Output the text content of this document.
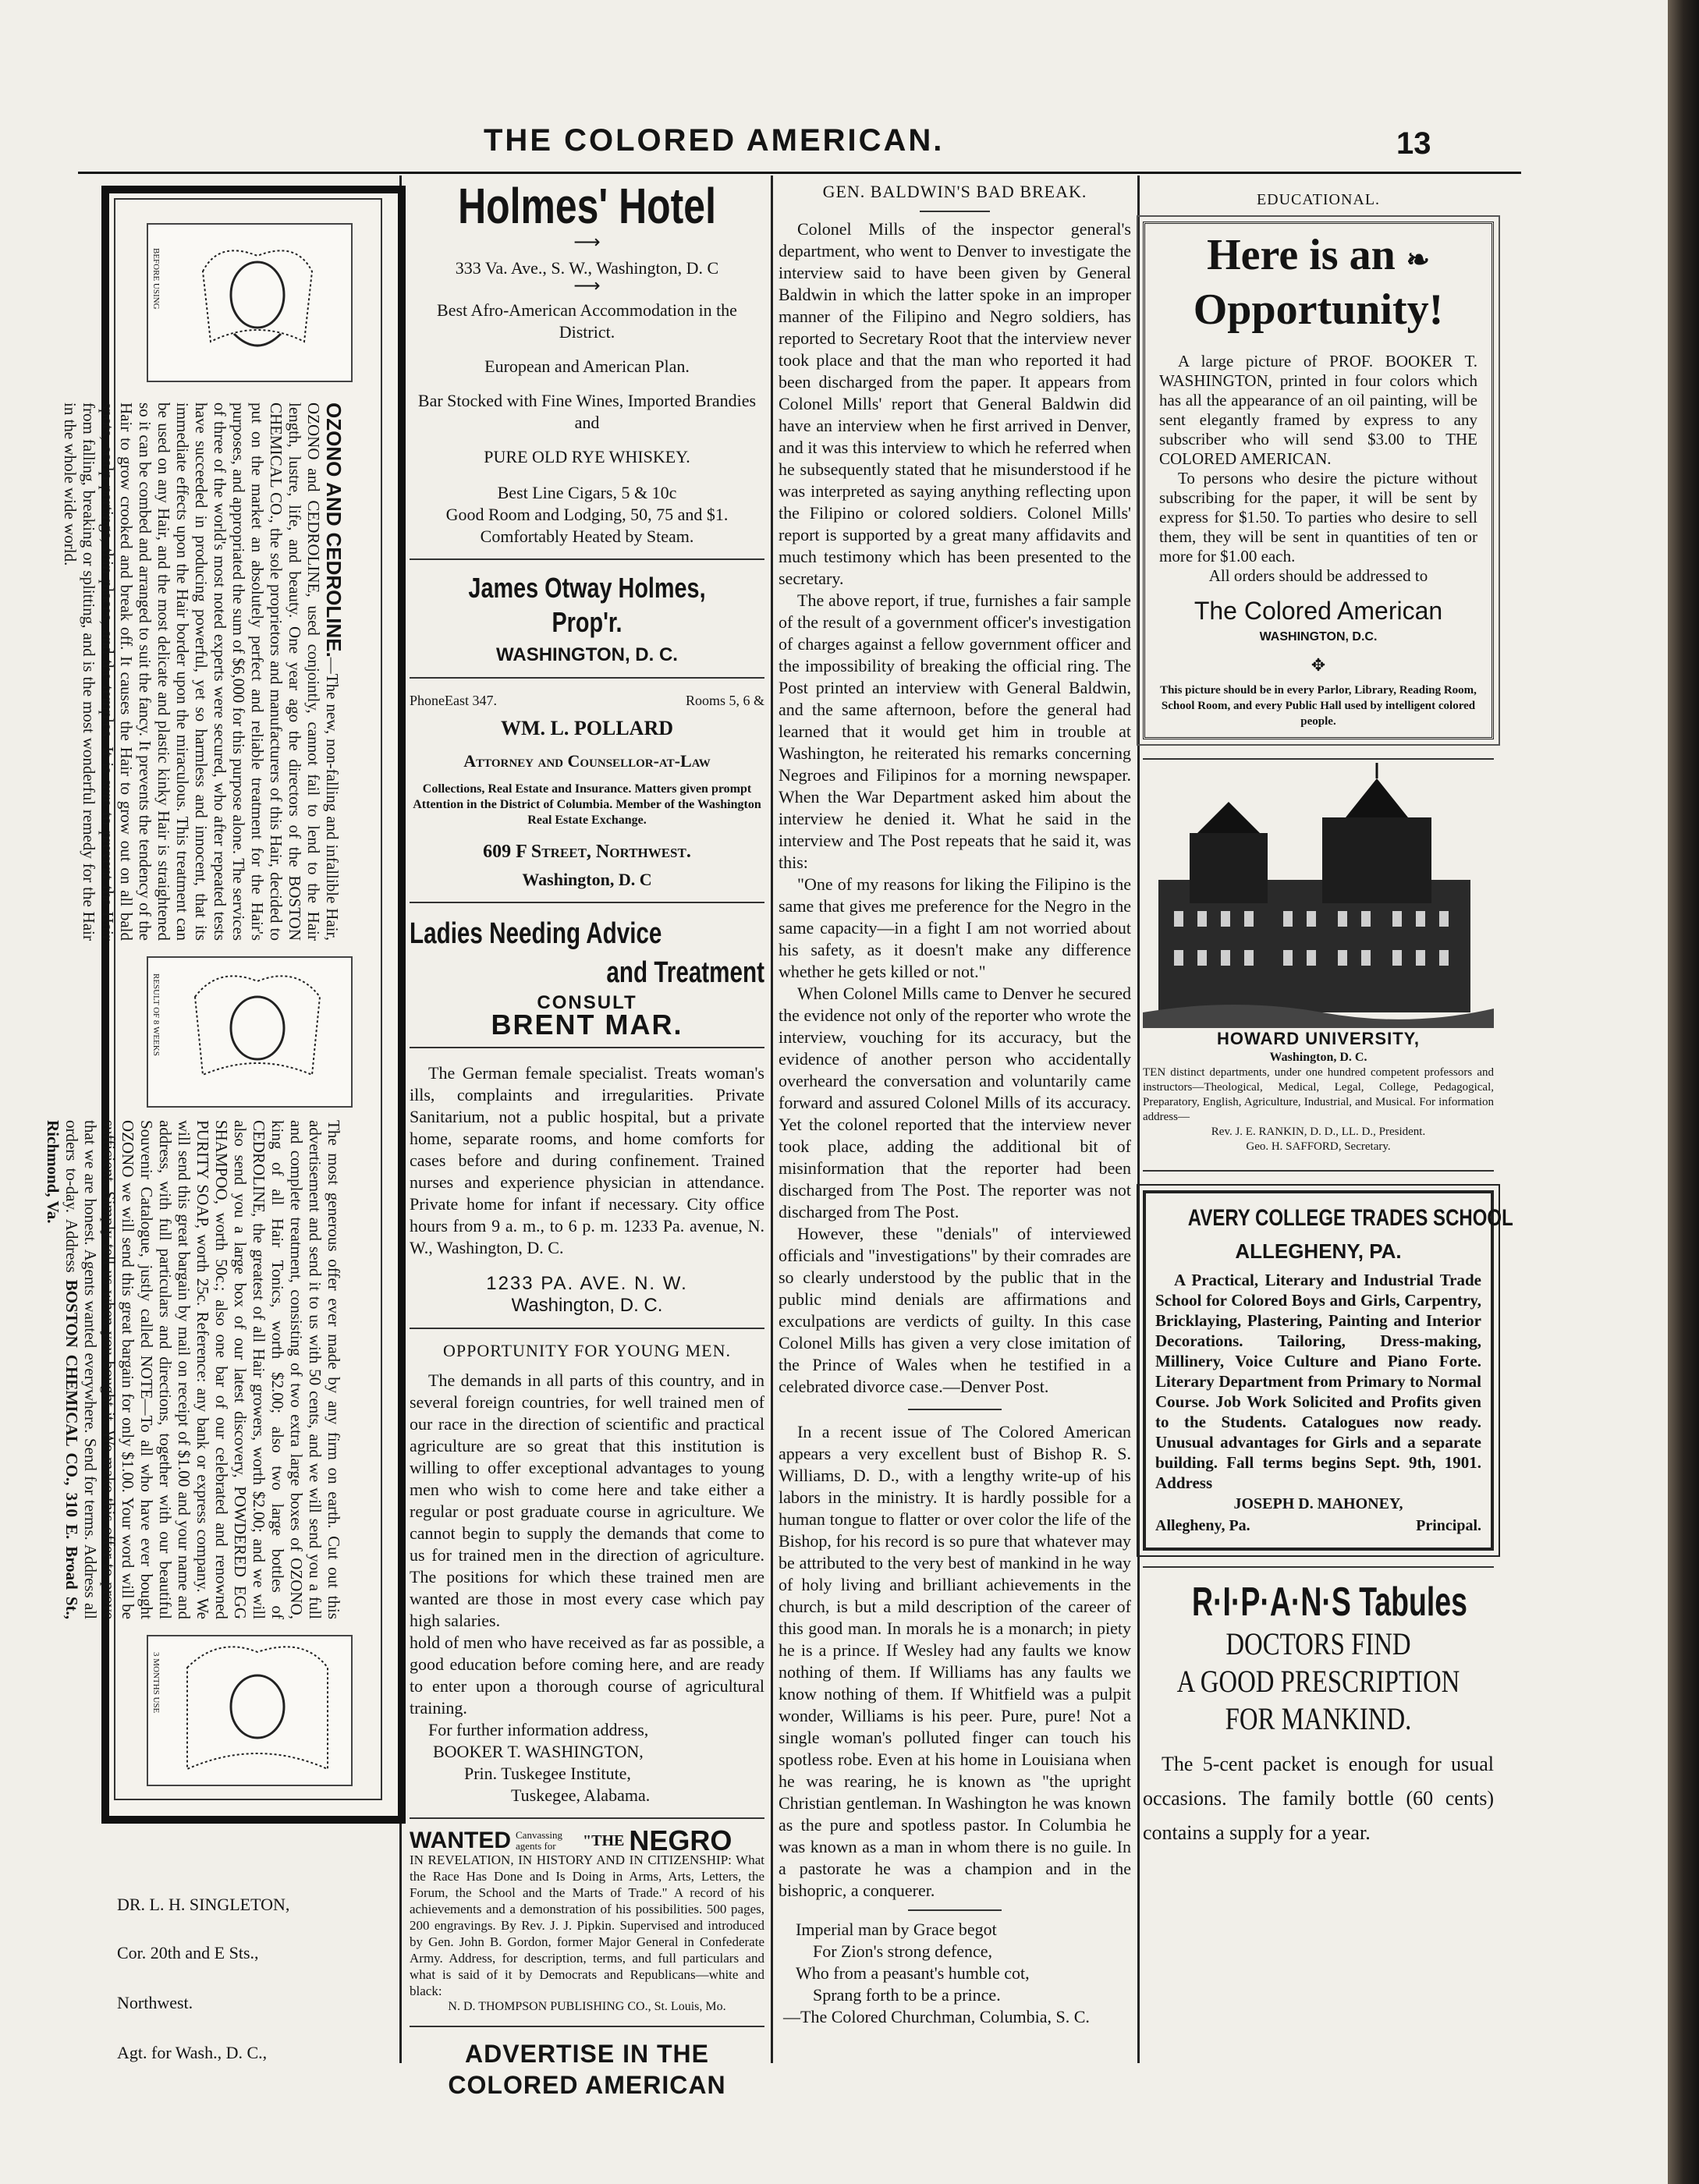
THE COLORED AMERICAN.	13
BEFORE USING
RESULT OF 8 WEEKS
3 MONTHS USE
OZONO AND CEDROLINE.—The new, non-falling and infallible Hair, OZONO and CEDROLINE, used conjointly, cannot fail to lend to the Hair length, lustre, life, and beauty. One year ago the directors of the BOSTON CHEMICAL CO., the sole proprietors and manufacturers of this Hair, decided to put on the market an absolutely perfect and reliable treatment for the Hair's purposes, and appropriated the sum of $6,000 for this purpose alone. The services of three of the world's most noted experts were secured, who after repeated tests have succeeded in producing powerful, yet so harmless and innocent, that its immediate effects upon the Hair border upon the miraculous. This treatment can be used on any Hair, and the most delicate and plastic kinky Hair is straightened so it can be combed and arranged to suit the fancy. It prevents the tendency of the Hair to grow crooked and break off. It causes the Hair to grow out on all bald spots, scalp partings, thin places, and the temples. It is sure to prevent the Hair from falling, breaking or splitting, and is the most wonderful remedy for the Hair in the whole wide world.
The most generous offer ever made by any firm on earth. Cut out this advertisement and send it to us with 50 cents, and we will send you a full and complete treatment, consisting of two extra large boxes of OZONO, king of all Hair Tonics, worth $2.00; also two large bottles of CEDROLINE, the greatest of all Hair growers, worth $2.00; and we will also send you a large box of our latest discovery, POWDERED EGG SHAMPOO, worth 50c.; also one bar of our celebrated and renowned PURITY SOAP, worth 25c. Reference: any bank or express company. We will send this great bargain by mail on receipt of $1.00 and your name and address, with full particulars and directions, together with our beautiful Souvenir Catalogue, justly called NOTE—To all who have ever bought OZONO we will send this great bargain for only $1.00. Your word will be sufficient. Simply tell us when you bought it. We make this offer to prove that we are honest. Agents wanted everywhere. Send for terms. Address all orders to-day. Address BOSTON CHEMICAL CO., 310 E. Broad St., Richmond, Va.
DR. L. H. SINGLETON,
Cor. 20th and E Sts.,
Northwest.
Agt. for Wash., D. C.,
Holmes' Hotel
⟶

333 Va. Ave., S. W., Washington, D. C

⟶

Best Afro-American Accommodation in the District.

European and American Plan.

Bar Stocked with Fine Wines, Imported Brandies and

PURE OLD RYE WHISKEY.

Best Line Cigars, 5 & 10c

Good Room and Lodging, 50, 75 and $1.

Comfortably Heated by Steam.

James Otway Holmes, Prop'r.

WASHINGTON, D. C.

PhoneEast 347.	Rooms 5, 6 &

WM. L. POLLARD

Attorney and Counsellor-at-Law

Collections, Real Estate and Insurance. Matters given prompt Attention in the District of Columbia. Member of the Washington Real Estate Exchange.

609 F Street, Northwest.

Washington, D. C

Ladies Needing Advice
and Treatment

CONSULT

BRENT MAR.

The German female specialist. Treats woman's ills, complaints and irregularities. Private Sanitarium, not a public hospital, but a private home, separate rooms, and home comforts for cases before and during confinement. Trained nurses and experience physician in attendance. Private home for infant if necessary. City office hours from 9 a. m., to 6 p. m. 1233 Pa. avenue, N. W., Washington, D. C.

1233 PA. AVE. N. W.

Washington, D. C.

OPPORTUNITY FOR YOUNG MEN.

The demands in all parts of this country, and in several foreign countries, for well trained men of our race in the direction of scientific and practical agriculture are so great that this institution is willing to offer exceptional advantages to young men who wish to come here and take either a regular or post graduate course in agriculture. We cannot begin to supply the demands that come to us for trained men in the direction of agriculture. The positions for which these trained men are wanted are those in most every case which pay high salaries.

hold of men who have received as far as possible, a good education before coming here, and are ready to enter upon a thorough course of agricultural training.

For further information address,

BOOKER T. WASHINGTON,

Prin. Tuskegee Institute,

Tuskegee, Alabama.

WANTED Canvassing agents for	"THE NEGRO

IN REVELATION, IN HISTORY AND IN CITIZENSHIP: What the Race Has Done and Is Doing in Arms, Arts, Letters, the Forum, the School and the Marts of Trade." A record of his achievements and a demonstration of his possibilities. 500 pages, 200 engravings. By Rev. J. J. Pipkin. Supervised and introduced by Gen. John B. Gordon, former Major General in Confederate Army. Address, for description, terms, and full particulars and what is said of it by Democrats and Republicans—white and black:

N. D. THOMPSON PUBLISHING CO., St. Louis, Mo.

ADVERTISE IN THE
COLORED AMERICAN

GEN. BALDWIN'S BAD BREAK.

Colonel Mills of the inspector general's department, who went to Denver to investigate the interview said to have been given by General Baldwin in which the latter spoke in an improper manner of the Filipino and Negro soldiers, has reported to Secretary Root that the interview never took place and that the man who reported it had been discharged from the paper. It appears from Colonel Mills' report that General Baldwin did have an interview when he first arrived in Denver, and it was this interview to which he referred when he subsequently stated that he misunderstood if he was interpreted as saying anything reflecting upon the Filipino or colored soldiers. Colonel Mills' report is supported by a great many affidavits and much testimony which has been presented to the secretary.

The above report, if true, furnishes a fair sample of the result of a government officer's investigation of charges against a fellow government officer and the impossibility of breaking the official ring. The Post printed an interview with General Baldwin, and the same afternoon, before the general had learned that it would get him in trouble at Washington, he reiterated his remarks concerning Negroes and Filipinos for a morning newspaper. When the War Department asked him about the interview he denied it. What he said in the interview and The Post repeats that he said it, was this:

"One of my reasons for liking the Filipino is the same that gives me preference for the Negro in the same capacity—in a fight I am not worried about his safety, as it doesn't make any difference whether he gets killed or not."

When Colonel Mills came to Denver he secured the evidence not only of the reporter who wrote the interview, vouching for its accuracy, but the evidence of another person who accidentally overheard the conversation and voluntarily came forward and assured Colonel Mills of its accuracy. Yet the colonel reported that the interview never took place, adding the additional bit of misinformation that the reporter had been discharged from The Post. The reporter was not discharged from The Post.

However, these "denials" of interviewed officials and "investigations" by their comrades are so clearly understood by the public that in the public mind denials are affirmations and exculpations are verdicts of guilty. In this case Colonel Mills has given a very close imitation of the Prince of Wales when he testified in a celebrated divorce case.—Denver Post.

In a recent issue of The Colored American appears a very excellent bust of Bishop R. S. Williams, D. D., with a lengthy write-up of his labors in the ministry. It is hardly possible for a human tongue to flatter or over color the life of the Bishop, for his record is so pure that whatever may be attributed to the very best of mankind in he way of holy living and brilliant achievements in the church, is but a mild description of the career of this good man. In morals he is a monarch; in piety he is a prince. If Wesley had any faults we know nothing of them. If Williams has any faults we know nothing of them. If Whitfield was a pulpit wonder, Williams is his peer. Pure, pure! Not a single woman's polluted finger can touch his spotless robe. Even at his home in Louisiana when he was rearing, he is known as "the upright Christian gentleman. In Washington he was known as the pure and spotless pastor. In Columbia he was known as a man in whom there is no guile. In a pastorate he was a champion and in the bishopric, a conquerer.

Imperial man by Grace begot

For Zion's strong defence,

Who from a peasant's humble cot,

Sprang forth to be a prince.

—The Colored Churchman, Columbia, S. C.

EDUCATIONAL.

Here is an ❧
Opportunity!

A large picture of PROF. BOOKER T. WASHINGTON, printed in four colors which has all the appearance of an oil painting, will be sent elegantly framed by express to any subscriber who will send $3.00 to THE COLORED AMERICAN.

To persons who desire the picture without subscribing for the paper, it will be sent by express for $1.50. To parties who desire to sell them, they will be sent in quantities of ten or more for $1.00 each.

All orders should be addressed to

The Colored American

WASHINGTON, D.C.

✥

This picture should be in every Parlor, Library, Reading Room, School Room, and every Public Hall used by intelligent colored people.

HOWARD UNIVERSITY,

Washington, D. C.

TEN distinct departments, under one hundred competent professors and instructors—Theological, Medical, Legal, College, Pedagogical, Preparatory, English, Agriculture, Industrial, and Musical. For information address—

Rev. J. E. RANKIN, D. D., LL. D., President.

Geo. H. SAFFORD, Secretary.

AVERY COLLEGE TRADES SCHOOL

ALLEGHENY, PA.

A Practical, Literary and Industrial Trade School for Colored Boys and Girls, Carpentry, Bricklaying, Plastering, Painting and Interior Decorations. Tailoring, Dress-making, Millinery, Voice Culture and Piano Forte. Literary Department from Primary to Normal Course. Job Work Solicited and Profits given to the Students. Catalogues now ready. Unusual advantages for Girls and a separate building. Fall terms begins Sept. 9th, 1901. Address

JOSEPH D. MAHONEY,

Allegheny, Pa.	Principal.
R·I·P·A·N·S Tabules
DOCTORS FIND
A GOOD PRESCRIPTION
FOR MANKIND.

The 5-cent packet is enough for usual occasions. The family bottle (60 cents) contains a supply for a year.
